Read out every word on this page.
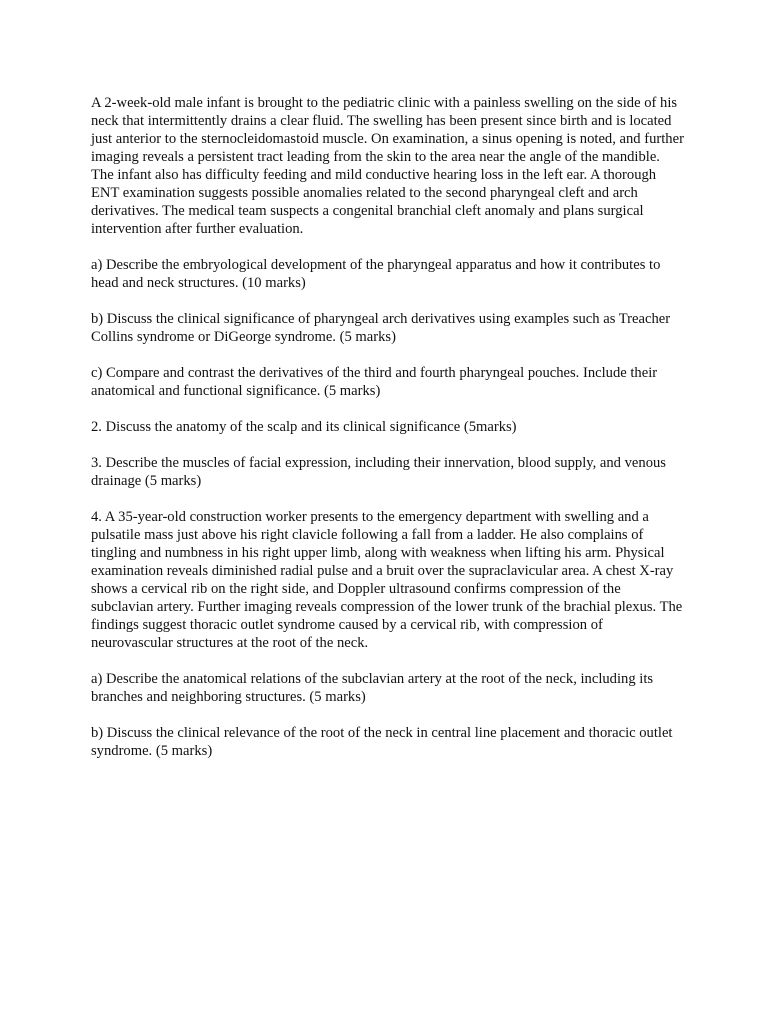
A 2-week-old male infant is brought to the pediatric clinic with a painless swelling on the side of his neck that intermittently drains a clear fluid. The swelling has been present since birth and is located just anterior to the sternocleidomastoid muscle. On examination, a sinus opening is noted, and further imaging reveals a persistent tract leading from the skin to the area near the angle of the mandible. The infant also has difficulty feeding and mild conductive hearing loss in the left ear. A thorough ENT examination suggests possible anomalies related to the second pharyngeal cleft and arch derivatives. The medical team suspects a congenital branchial cleft anomaly and plans surgical intervention after further evaluation.

a) Describe the embryological development of the pharyngeal apparatus and how it contributes to head and neck structures. (10 marks)

b) Discuss the clinical significance of pharyngeal arch derivatives using examples such as Treacher Collins syndrome or DiGeorge syndrome. (5 marks)

c) Compare and contrast the derivatives of the third and fourth pharyngeal pouches. Include their anatomical and functional significance. (5 marks)

2. Discuss the anatomy of the scalp and its clinical significance (5marks)

3. Describe the muscles of facial expression, including their innervation, blood supply, and venous drainage (5 marks)

4. A 35-year-old construction worker presents to the emergency department with swelling and a pulsatile mass just above his right clavicle following a fall from a ladder. He also complains of tingling and numbness in his right upper limb, along with weakness when lifting his arm. Physical examination reveals diminished radial pulse and a bruit over the supraclavicular area. A chest X-ray shows a cervical rib on the right side, and Doppler ultrasound confirms compression of the subclavian artery. Further imaging reveals compression of the lower trunk of the brachial plexus. The findings suggest thoracic outlet syndrome caused by a cervical rib, with compression of neurovascular structures at the root of the neck.

a) Describe the anatomical relations of the subclavian artery at the root of the neck, including its branches and neighboring structures. (5 marks)

b) Discuss the clinical relevance of the root of the neck in central line placement and thoracic outlet syndrome. (5 marks)
